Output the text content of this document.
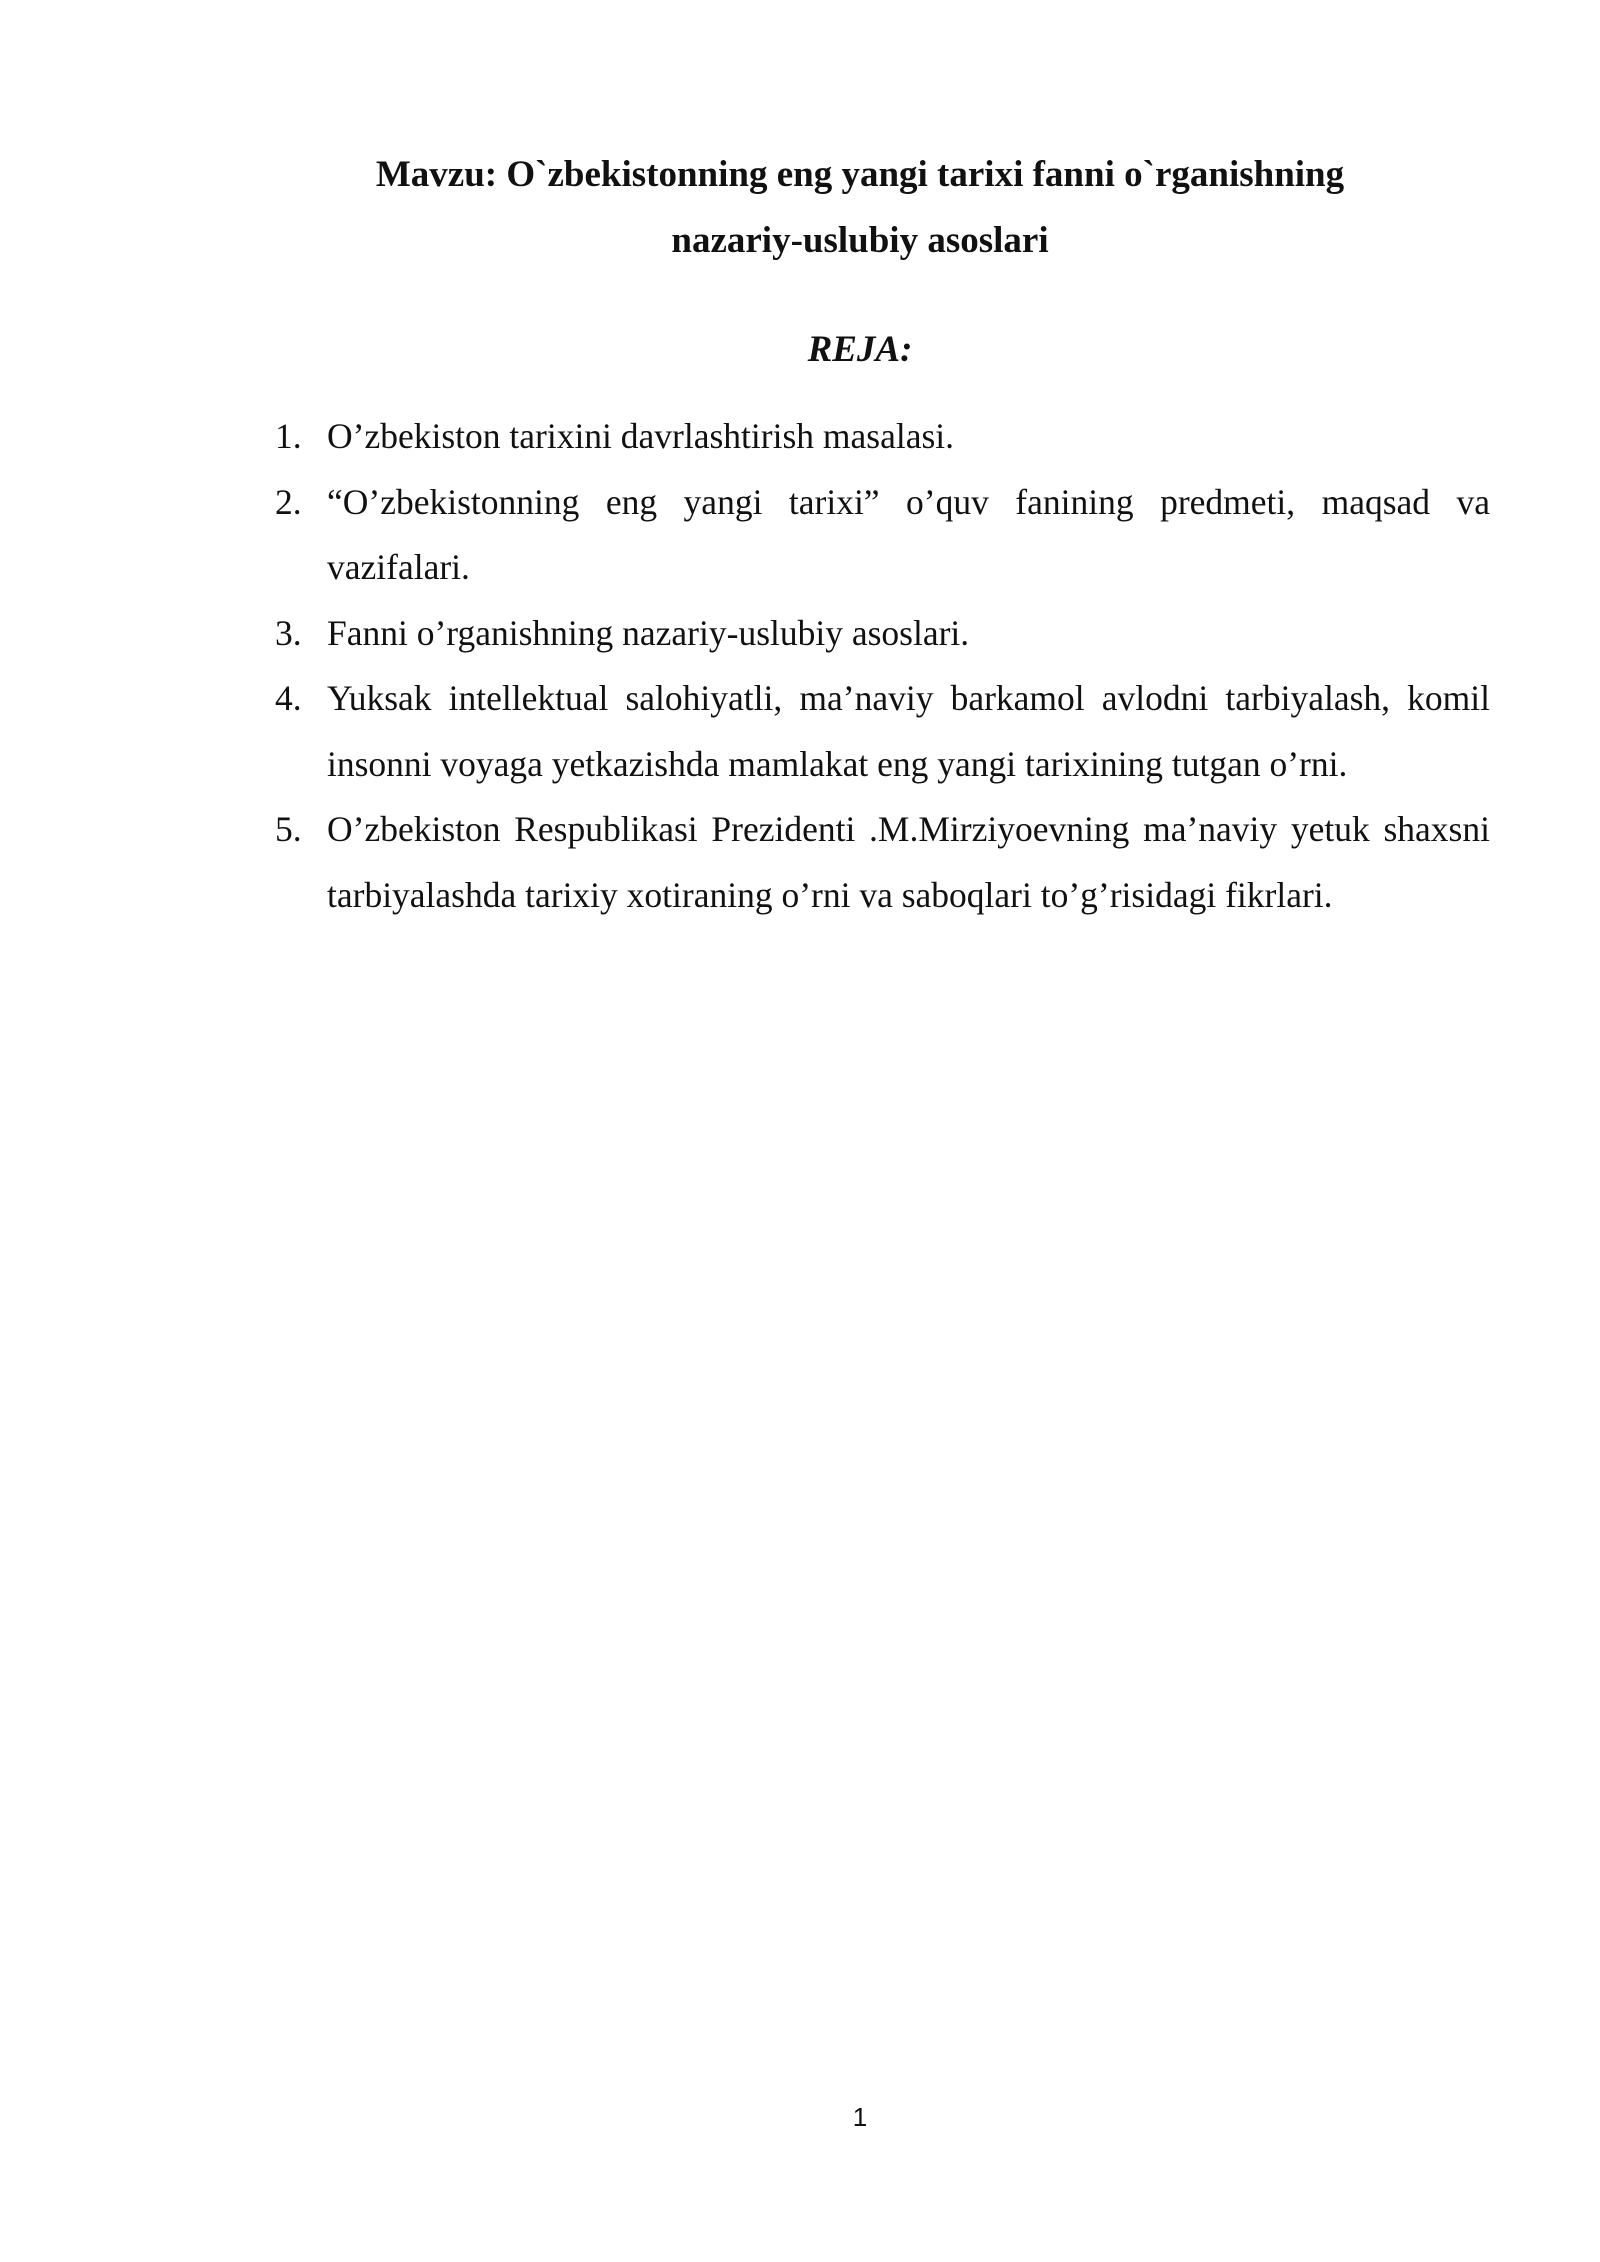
Mavzu: O`zbekistonning eng yangi tarixi fanni o`rganishning
nazariy-uslubiy asoslari
REJA:
1. O’zbekiston tarixini davrlashtirish masalasi.
2. “O’zbekistonning eng yangi tarixi” o’quv fanining predmeti, maqsad va vazifalari.
3. Fanni o’rganishning nazariy-uslubiy asoslari.
4. Yuksak intellektual salohiyatli, ma’naviy barkamol avlodni tarbiyalash, komil insonni voyaga yetkazishda mamlakat eng yangi tarixining tutgan o’rni.
5. O’zbekiston Respublikasi Prezidenti .M.Mirziyoevning ma’naviy yetuk shaxsni tarbiyalashda tarixiy xotiraning o’rni va saboqlari to’g’risidagi fikrlari.
1
